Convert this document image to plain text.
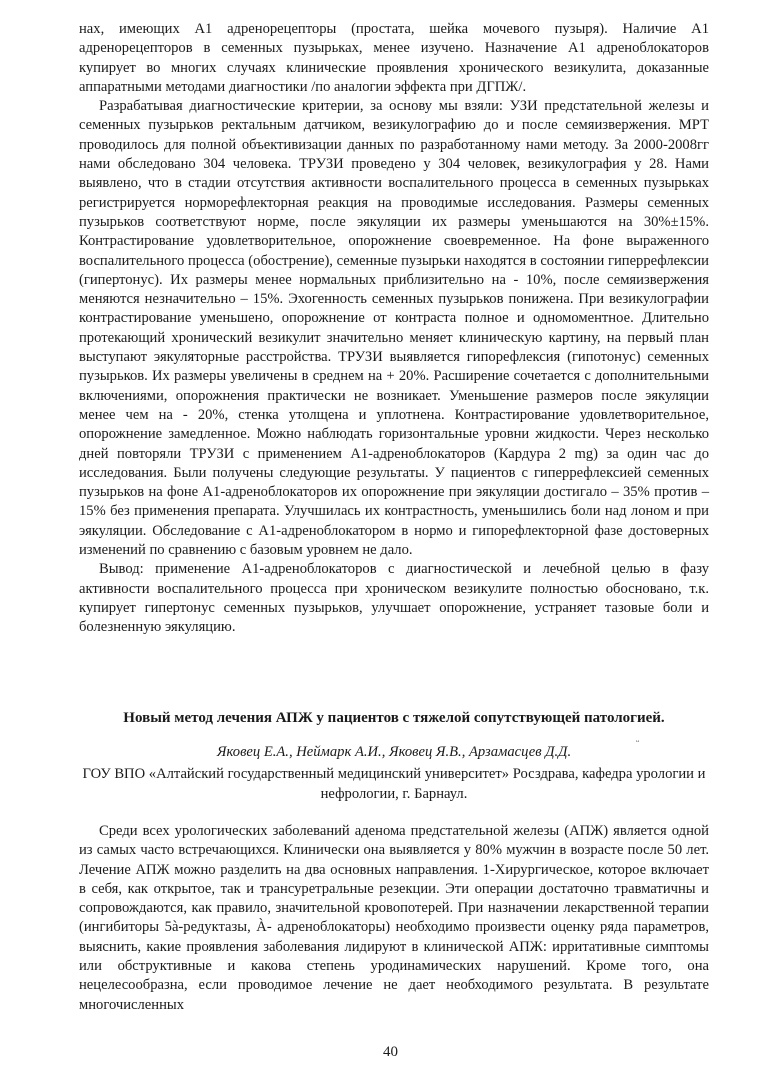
нах, имеющих А1 адренорецепторы (простата, шейка мочевого пузыря). Наличие А1 адренорецепторов в семенных пузырьках, менее изучено. Назначение А1 адреноблокаторов купирует во многих случаях клинические проявления хронического везикулита, доказанные аппаратными методами диагностики /по аналогии эффекта при ДГПЖ/.

Разрабатывая диагностические критерии, за основу мы взяли: УЗИ предстательной железы и семенных пузырьков ректальным датчиком, везикулографию до и после семяизвержения. МРТ проводилось для полной объективизации данных по разработанному нами методу. За 2000-2008гг нами обследовано 304 человека. ТРУЗИ проведено у 304 человек, везикулография у 28. Нами выявлено, что в стадии отсутствия активности воспалительного процесса в семенных пузырьках регистрируется норморефлекторная реакция на проводимые исследования. Размеры семенных пузырьков соответствуют норме, после эякуляции их размеры уменьшаются на 30%±15%. Контрастирование удовлетворительное, опорожнение своевременное. На фоне выраженного воспалительного процесса (обострение), семенные пузырьки находятся в состоянии гиперрефлексии (гипертонус). Их размеры менее нормальных приблизительно на - 10%, после семяизвержения меняются незначительно – 15%. Эхогенность семенных пузырьков понижена. При везикулографии контрастирование уменьшено, опорожнение от контраста полное и одномоментное. Длительно протекающий хронический везикулит значительно меняет клиническую картину, на первый план выступают эякуляторные расстройства. ТРУЗИ выявляется гипорефлексия (гипотонус) семенных пузырьков. Их размеры увеличены в среднем на + 20%. Расширение сочетается с дополнительными включениями, опорожнения практически не возникает. Уменьшение размеров после эякуляции менее чем на - 20%, стенка утолщена и уплотнена. Контрастирование удовлетворительное, опорожнение замедленное. Можно наблюдать горизонтальные уровни жидкости. Через несколько дней повторяли ТРУЗИ с применением А1-адреноблокаторов (Кардура 2 mg) за один час до исследования. Были получены следующие результаты. У пациентов с гиперрефлексией семенных пузырьков на фоне А1-адреноблокаторов их опорожнение при эякуляции достигало – 35% против – 15% без применения препарата. Улучшилась их контрастность, уменьшились боли над лоном и при эякуляции. Обследование с А1-адреноблокатором в нормо и гипорефлекторной фазе достоверных изменений по сравнению с базовым уровнем не дало.

Вывод: применение А1-адреноблокаторов с диагностической и лечебной целью в фазу активности воспалительного процесса при хроническом везикулите полностью обосновано, т.к. купирует гипертонус семенных пузырьков, улучшает опорожнение, устраняет тазовые боли и болезненную эякуляцию.

Новый метод лечения АПЖ у пациентов с тяжелой сопутствующей патологией.
Яковец Е.А., Неймарк А.И., Яковец Я.В., Арзамасцев Д.Д.
ᵕ
ГОУ ВПО «Алтайский государственный медицинский университет» Росздрава, кафедра урологии и нефрологии, г. Барнаул.

Среди всех урологических заболеваний аденома предстательной железы (АПЖ) является одной из самых часто встречающихся. Клинически она выявляется у 80% мужчин в возрасте после 50 лет. Лечение АПЖ можно разделить на два основных направления. 1-Хирургическое, которое включает в себя, как открытое, так и трансуретральные резекции. Эти операции достаточно травматичны и сопровождаются, как правило, значительной кровопотерей. При назначении лекарственной терапии (ингибиторы 5à-редуктазы, À- адреноблокаторы) необходимо произвести оценку ряда параметров, выяснить, какие проявления заболевания лидируют в клинической АПЖ: ирритативные симптомы или обструктивные и какова степень уродинамических нарушений. Кроме того, она нецелесообразна, если проводимое лечение не дает необходимого результата. В результате многочисленных

40
